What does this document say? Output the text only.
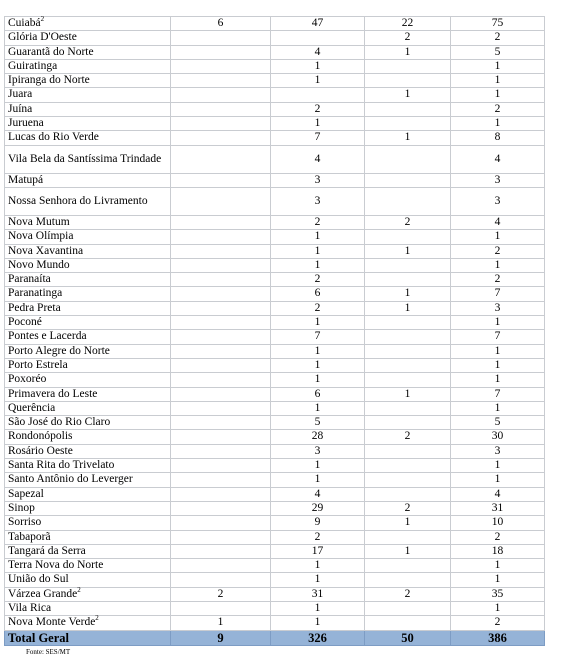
Cuiabá$^2$	6	47	22	75
Glória D'Oeste			2	2
Guarantã do Norte		4	1	5
Guiratinga		1		1
Ipiranga do Norte		1		1
Juara			1	1
Juína		2		2
Juruena		1		1
Lucas do Rio Verde		7	1	8
Vila Bela da Santíssima Trindade		4		4
Matupá		3		3
Nossa Senhora do Livramento		3		3
Nova Mutum		2	2	4
Nova Olímpia		1		1
Nova Xavantina		1	1	2
Novo Mundo		1		1
Paranaíta		2		2
Paranatinga		6	1	7
Pedra Preta		2	1	3
Poconé		1		1
Pontes e Lacerda		7		7
Porto Alegre do Norte		1		1
Porto Estrela		1		1
Poxoréo		1		1
Primavera do Leste		6	1	7
Querência		1		1
São José do Rio Claro		5		5
Rondonópolis		28	2	30
Rosário Oeste		3		3
Santa Rita do Trivelato		1		1
Santo Antônio do Leverger		1		1
Sapezal		4		4
Sinop		29	2	31
Sorriso		9	1	10
Tabaporã		2		2
Tangará da Serra		17	1	18
Terra Nova do Norte		1		1
União do Sul		1		1
Várzea Grande$^2$	2	31	2	35
Vila Rica		1		1
Nova Monte Verde$^2$	1	1		2
Total Geral	9	326	50	386
Fonte: SES/MT
